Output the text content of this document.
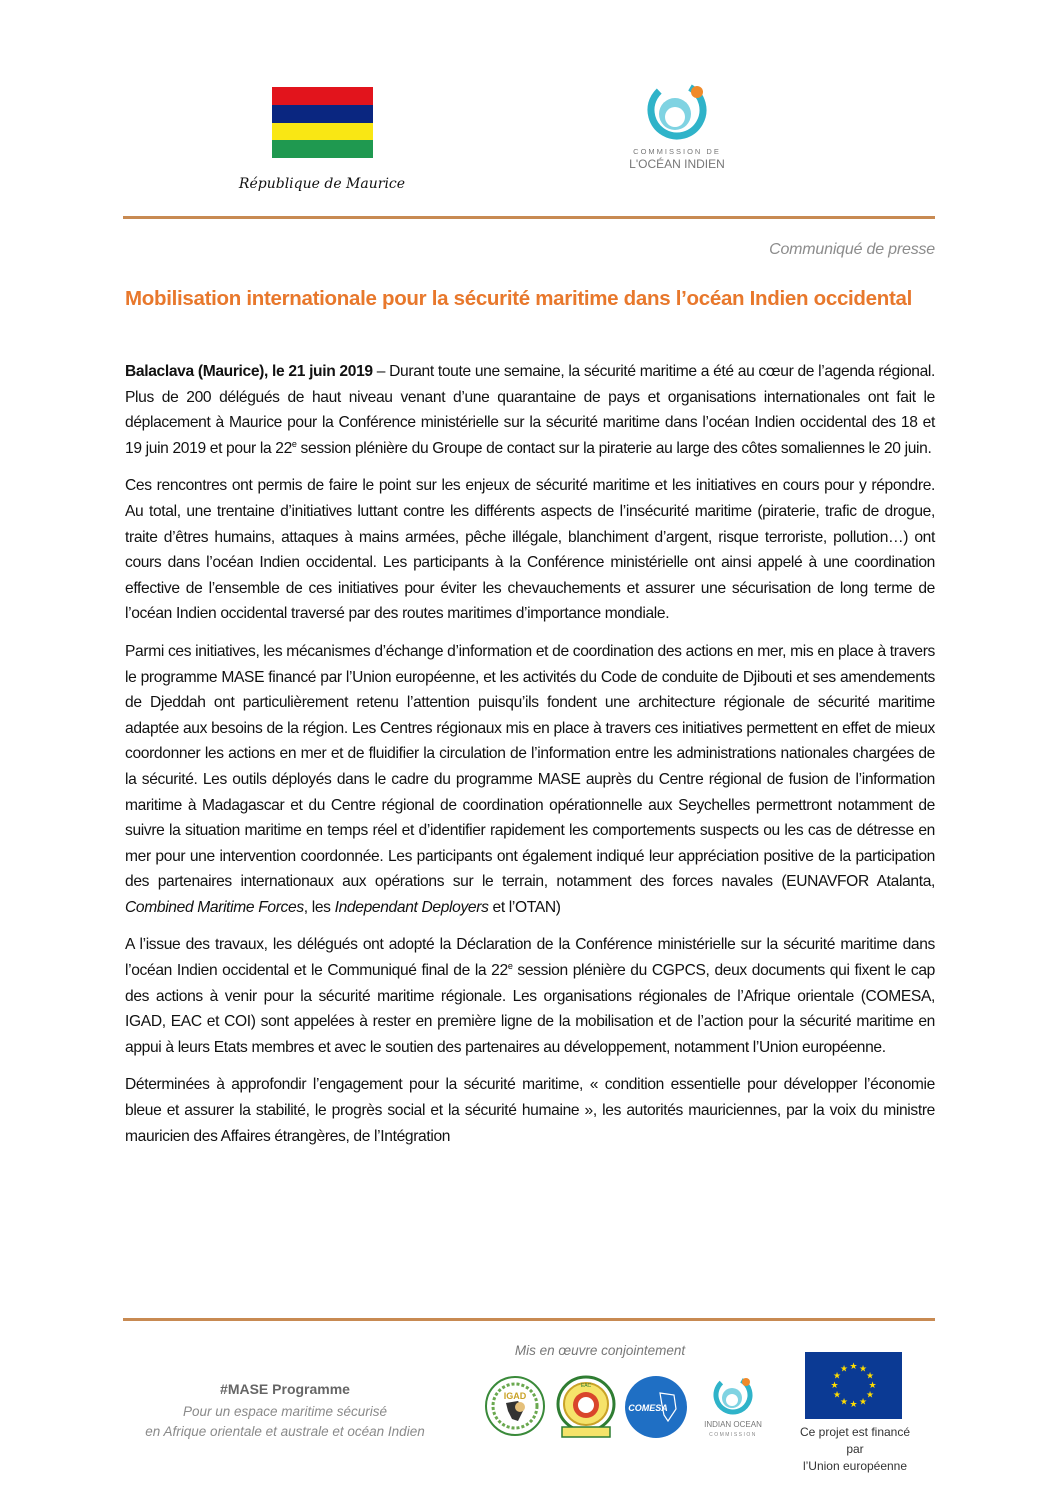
République de Maurice
COMMISSION DE
L'OCÉAN INDIEN
Communiqué de presse
Mobilisation internationale pour la sécurité maritime dans l’océan Indien occidental

Balaclava (Maurice), le 21 juin 2019 – Durant toute une semaine, la sécurité maritime a été au cœur de l’agenda régional. Plus de 200 délégués de haut niveau venant d’une quarantaine de pays et organisations internationales ont fait le déplacement à Maurice pour la Conférence ministérielle sur la sécurité maritime dans l’océan Indien occidental des 18 et 19 juin 2019 et pour la 22e session plénière du Groupe de contact sur la piraterie au large des côtes somaliennes le 20 juin.

Ces rencontres ont permis de faire le point sur les enjeux de sécurité maritime et les initiatives en cours pour y répondre. Au total, une trentaine d’initiatives luttant contre les différents aspects de l’insécurité maritime (piraterie, trafic de drogue, traite d’êtres humains, attaques à mains armées, pêche illégale, blanchiment d’argent, risque terroriste, pollution…) ont cours dans l’océan Indien occidental. Les participants à la Conférence ministérielle ont ainsi appelé à une coordination effective de l’ensemble de ces initiatives pour éviter les chevauchements et assurer une sécurisation de long terme de l’océan Indien occidental traversé par des routes maritimes d’importance mondiale.

Parmi ces initiatives, les mécanismes d’échange d’information et de coordination des actions en mer, mis en place à travers le programme MASE financé par l’Union européenne, et les activités du Code de conduite de Djibouti et ses amendements de Djeddah ont particulièrement retenu l’attention puisqu’ils fondent une architecture régionale de sécurité maritime adaptée aux besoins de la région. Les Centres régionaux mis en place à travers ces initiatives permettent en effet de mieux coordonner les actions en mer et de fluidifier la circulation de l’information entre les administrations nationales chargées de la sécurité. Les outils déployés dans le cadre du programme MASE auprès du Centre régional de fusion de l’information maritime à Madagascar et du Centre régional de coordination opérationnelle aux Seychelles permettront notamment de suivre la situation maritime en temps réel et d’identifier rapidement les comportements suspects ou les cas de détresse en mer pour une intervention coordonnée. Les participants ont également indiqué leur appréciation positive de la participation des partenaires internationaux aux opérations sur le terrain, notamment des forces navales (EUNAVFOR Atalanta, Combined Maritime Forces, les Independant Deployers et l’OTAN)

A l’issue des travaux, les délégués ont adopté la Déclaration de la Conférence ministérielle sur la sécurité maritime dans l’océan Indien occidental et le Communiqué final de la 22e session plénière du CGPCS, deux documents qui fixent le cap des actions à venir pour la sécurité maritime régionale. Les organisations régionales de l’Afrique orientale (COMESA, IGAD, EAC et COI) sont appelées à rester en première ligne de la mobilisation et de l’action pour la sécurité maritime en appui à leurs Etats membres et avec le soutien des partenaires au développement, notamment l’Union européenne.

Déterminées à approfondir l’engagement pour la sécurité maritime, « condition essentielle pour développer l’économie bleue et assurer la stabilité, le progrès social et la sécurité humaine », les autorités mauriciennes, par la voix du ministre mauricien des Affaires étrangères, de l’Intégration

#MASE Programme
Pour un espace maritime sécurisé
en Afrique orientale et australe et océan Indien
Mis en œuvre conjointement
IGAD
EAC
COMESA
INDIAN OCEAN
COMMISSION
★ ★
★
★
★
★
★
★
★
★
★
★
Ce projet est financé par
l’Union européenne
